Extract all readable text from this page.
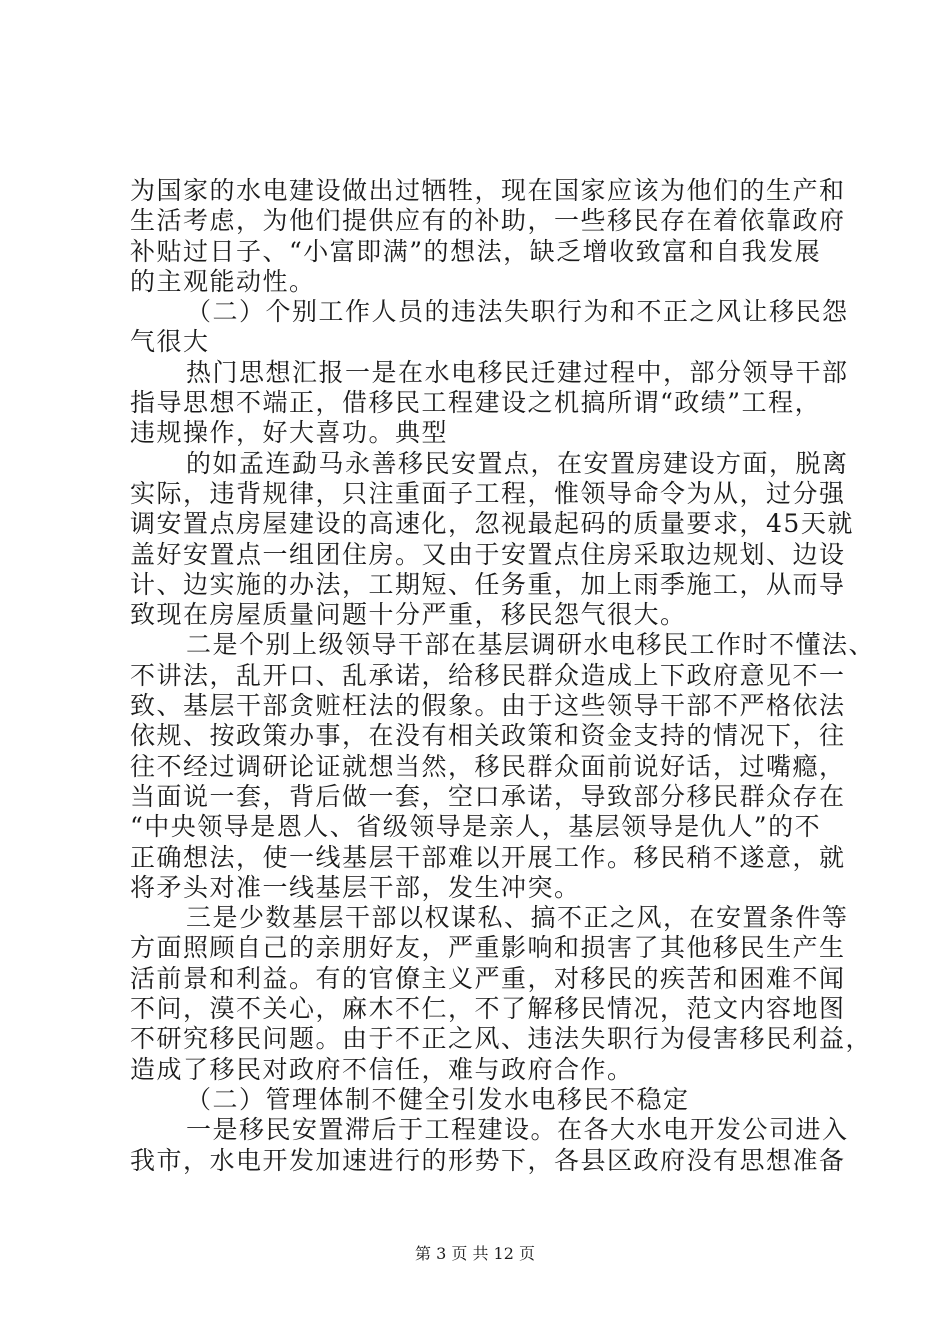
为国家的水电建设做出过牺牲，现在国家应该为他们的生产和
生活考虑，为他们提供应有的补助，一些移民存在着依靠政府
补贴过日子、“小富即满”的想法，缺乏增收致富和自我发展
的主观能动性。
（二）个别工作人员的违法失职行为和不正之风让移民怨
气很大
热门思想汇报一是在水电移民迁建过程中，部分领导干部
指导思想不端正，借移民工程建设之机搞所谓“政绩”工程，
违规操作，好大喜功。典型
的如孟连勐马永善移民安置点，在安置房建设方面，脱离
实际，违背规律，只注重面子工程，惟领导命令为从，过分强
调安置点房屋建设的高速化，忽视最起码的质量要求，45天就
盖好安置点一组团住房。又由于安置点住房采取边规划、边设
计、边实施的办法，工期短、任务重，加上雨季施工，从而导
致现在房屋质量问题十分严重，移民怨气很大。
二是个别上级领导干部在基层调研水电移民工作时不懂法、
不讲法，乱开口、乱承诺，给移民群众造成上下政府意见不一
致、基层干部贪赃枉法的假象。由于这些领导干部不严格依法
依规、按政策办事，在没有相关政策和资金支持的情况下，往
往不经过调研论证就想当然，移民群众面前说好话，过嘴瘾，
当面说一套，背后做一套，空口承诺，导致部分移民群众存在
“中央领导是恩人、省级领导是亲人，基层领导是仇人”的不
正确想法，使一线基层干部难以开展工作。移民稍不遂意，就
将矛头对准一线基层干部，发生冲突。
三是少数基层干部以权谋私、搞不正之风，在安置条件等
方面照顾自己的亲朋好友，严重影响和损害了其他移民生产生
活前景和利益。有的官僚主义严重，对移民的疾苦和困难不闻
不问，漠不关心，麻木不仁，不了解移民情况，范文内容地图
不研究移民问题。由于不正之风、违法失职行为侵害移民利益，
造成了移民对政府不信任，难与政府合作。
（二）管理体制不健全引发水电移民不稳定
一是移民安置滞后于工程建设。在各大水电开发公司进入
我市，水电开发加速进行的形势下，各县区政府没有思想准备
第 3 页 共 12 页
